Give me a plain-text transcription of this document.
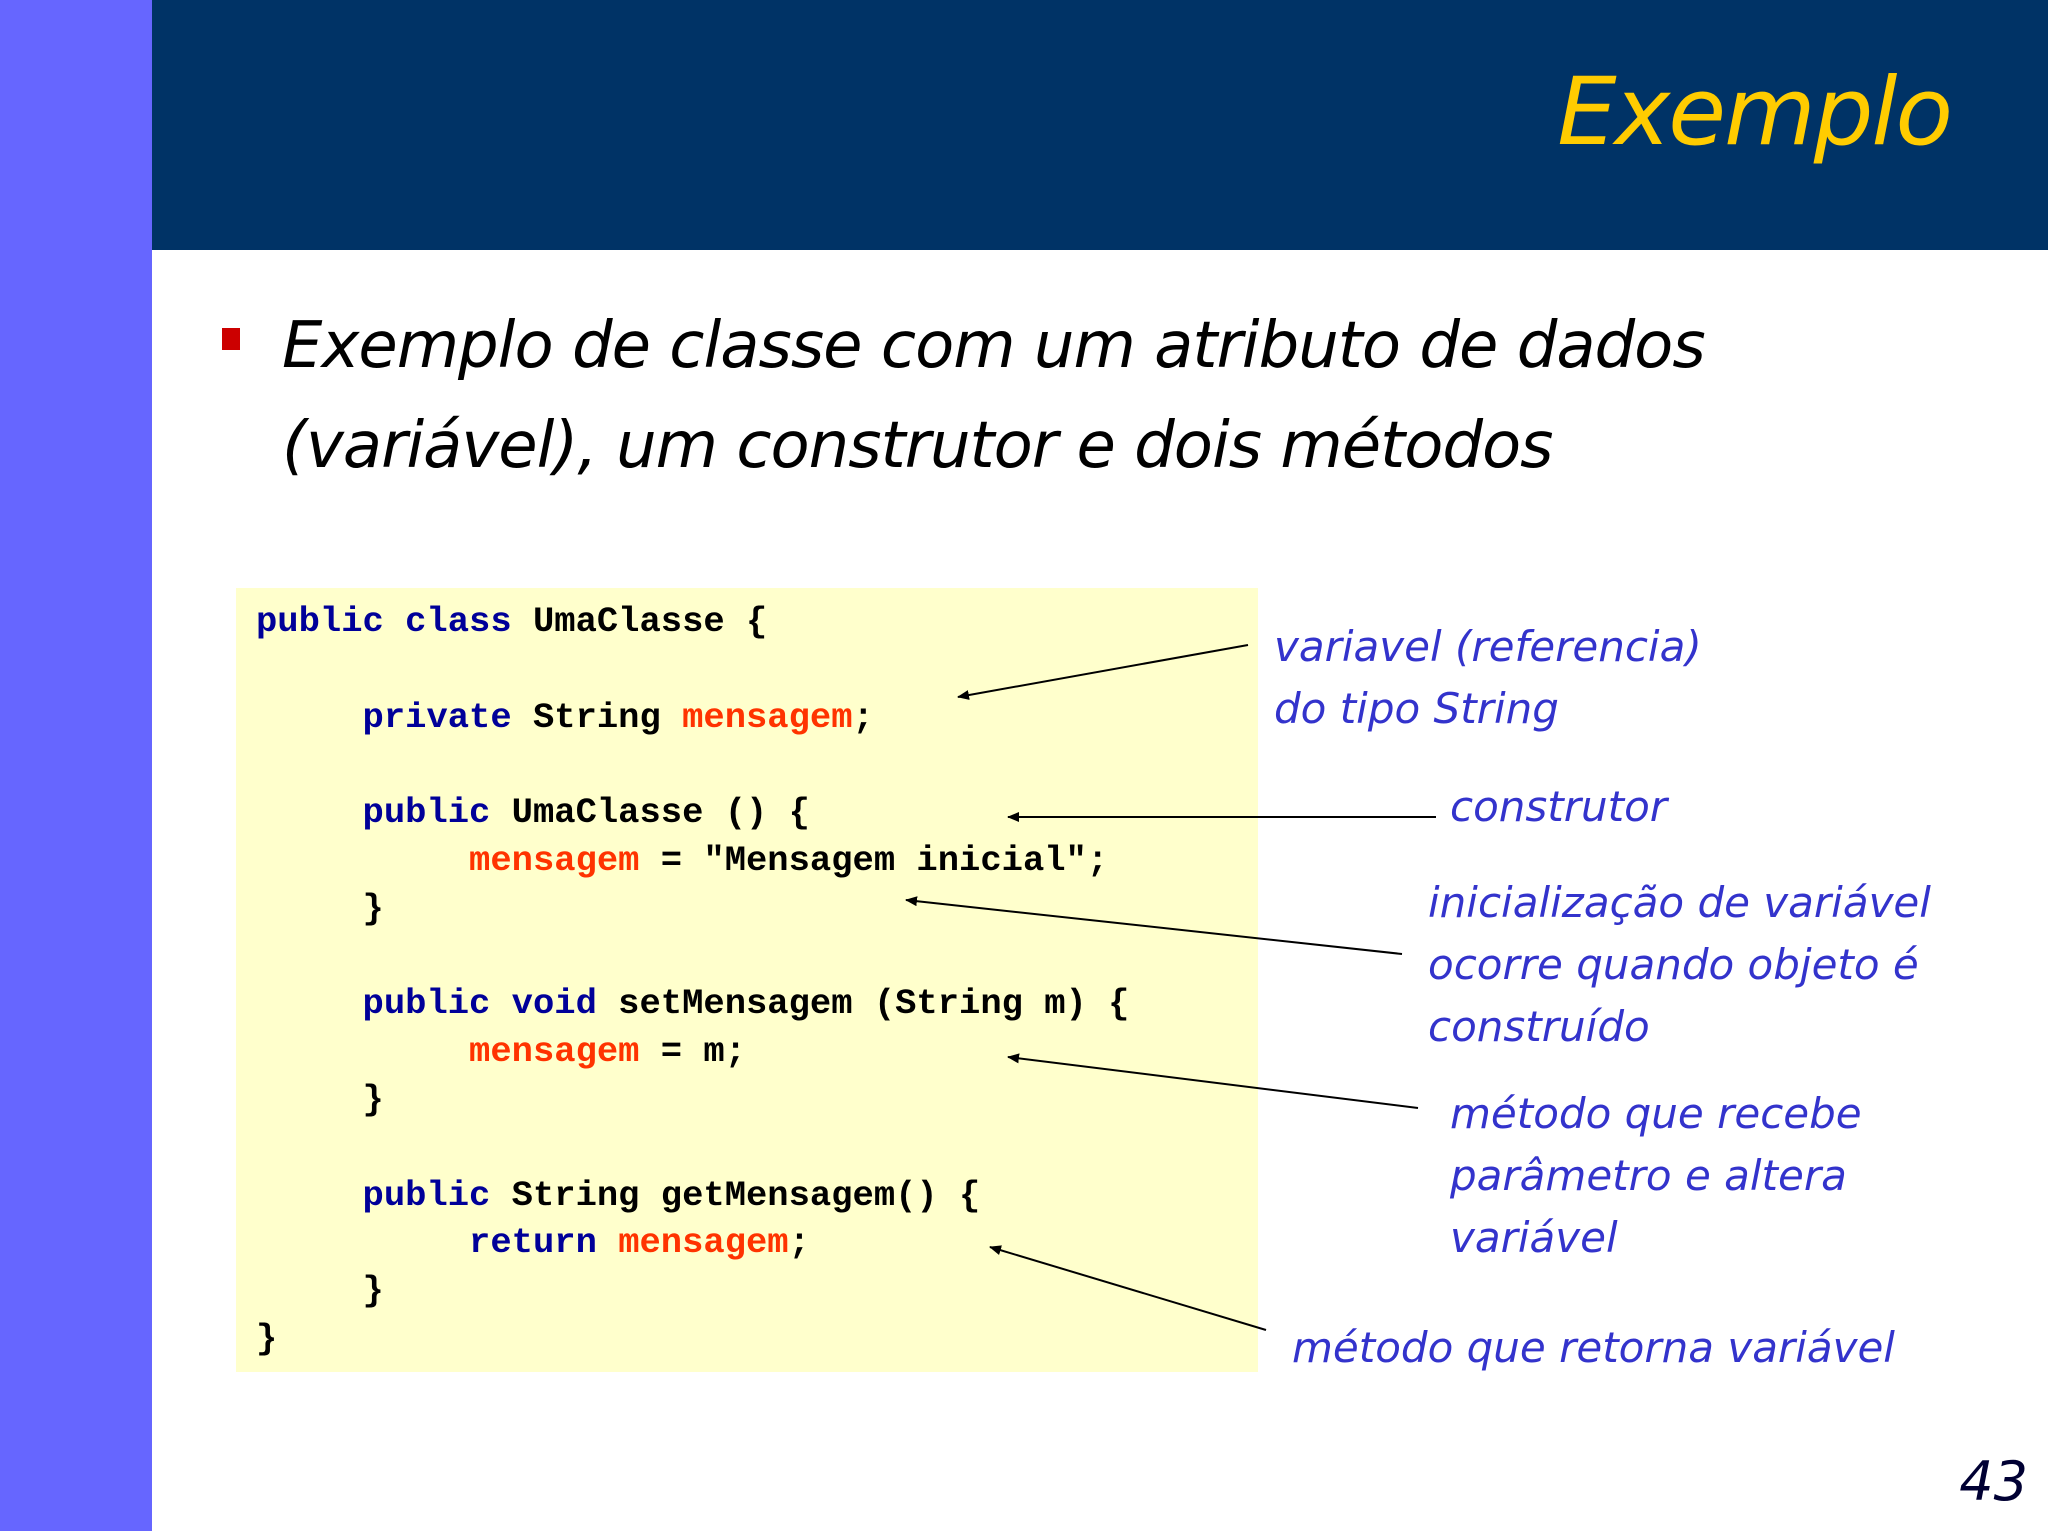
Exemplo
Exemplo de classe com um atributo de dados
(variável), um construtor e dois métodos
public class UmaClasse {

private String mensagem;

public UmaClasse () {
mensagem = "Mensagem inicial";
}

public void setMensagem (String m) {
mensagem = m;
}

public String getMensagem() {
return mensagem;
}
}
variavel (referencia)
do tipo String
construtor
inicialização de variável
ocorre quando objeto é
construído
método que recebe
parâmetro e altera
variável
método que retorna variável
43
